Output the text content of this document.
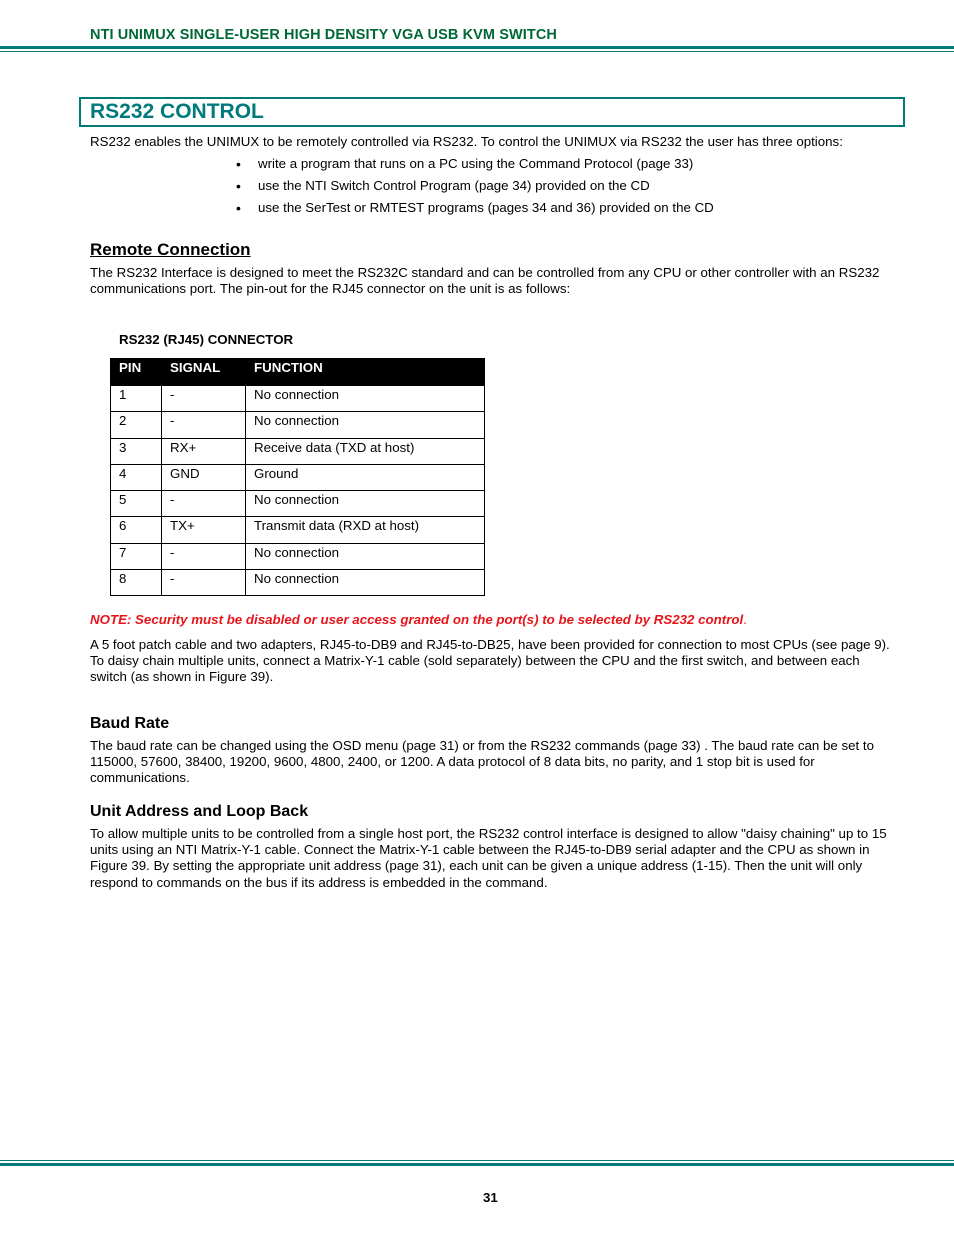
NTI UNIMUX SINGLE-USER HIGH DENSITY VGA USB KVM SWITCH
RS232 CONTROL
RS232 enables the UNIMUX to be remotely controlled via RS232. To control the UNIMUX via RS232 the user has three options:
• write a program that runs on a PC using the Command Protocol (page 33)
• use the NTI Switch Control Program (page 34) provided on the CD
• use the SerTest or RMTEST programs (pages 34 and 36) provided on the CD
Remote Connection
The RS232 Interface is designed to meet the RS232C standard and can be controlled from any CPU or other controller with an RS232 communications port. The pin-out for the RJ45 connector on the unit is as follows:
RS232 (RJ45) CONNECTOR
PIN	SIGNAL	FUNCTION
1	-	No connection
2	-	No connection
3	RX+	Receive data (TXD at host)
4	GND	Ground
5	-	No connection
6	TX+	Transmit data (RXD at host)
7	-	No connection
8	-	No connection
NOTE: Security must be disabled or user access granted on the port(s) to be selected by RS232 control.
A 5 foot patch cable and two adapters, RJ45-to-DB9 and RJ45-to-DB25, have been provided for connection to most CPUs (see page 9). To daisy chain multiple units, connect a Matrix-Y-1 cable (sold separately) between the CPU and the first switch, and between each switch (as shown in Figure 39).
Baud Rate
The baud rate can be changed using the OSD menu (page 31) or from the RS232 commands (page 33) . The baud rate can be set to 115000, 57600, 38400, 19200, 9600, 4800, 2400, or 1200. A data protocol of 8 data bits, no parity, and 1 stop bit is used for communications.
Unit Address and Loop Back
To allow multiple units to be controlled from a single host port, the RS232 control interface is designed to allow "daisy chaining" up to 15 units using an NTI Matrix-Y-1 cable. Connect the Matrix-Y-1 cable between the RJ45-to-DB9 serial adapter and the CPU as shown in Figure 39. By setting the appropriate unit address (page 31), each unit can be given a unique address (1-15). Then the unit will only respond to commands on the bus if its address is embedded in the command.
31
